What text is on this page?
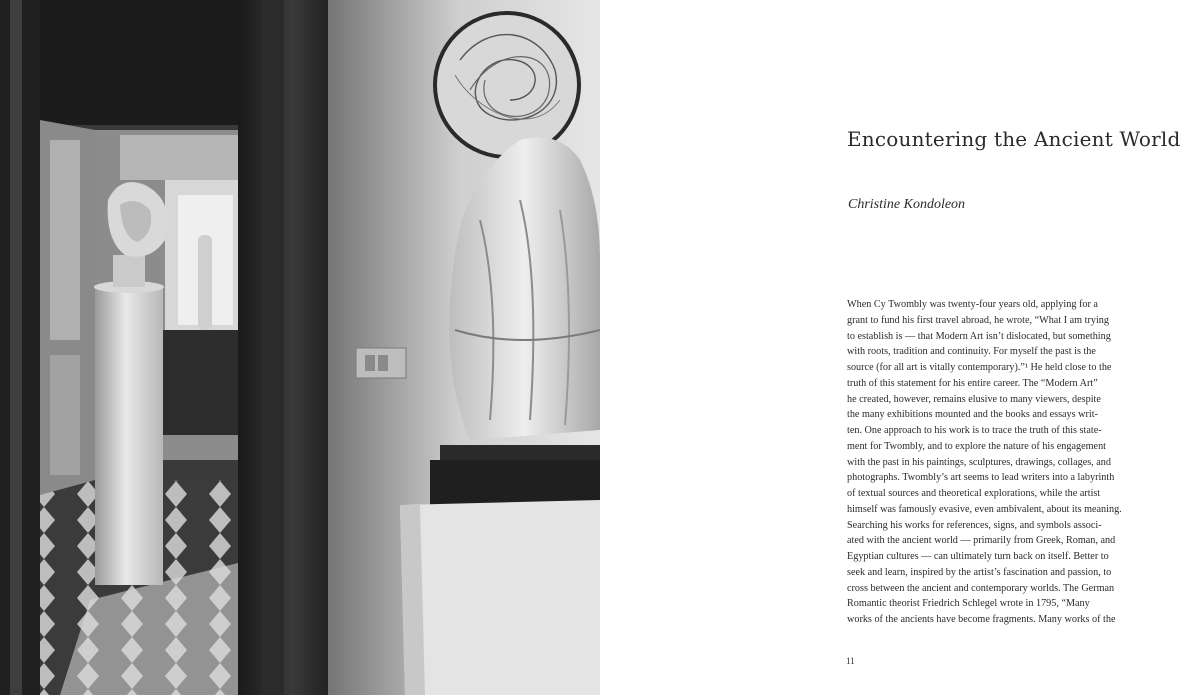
Encountering the Ancient World

Christine Kondoleon

When Cy Twombly was twenty-four years old, applying for a
grant to fund his first travel abroad, he wrote, “What I am trying
to establish is — that Modern Art isn’t dislocated, but something
with roots, tradition and continuity. For myself the past is the
source (for all art is vitally contemporary).”¹ He held close to the
truth of this statement for his entire career. The “Modern Art”
he created, however, remains elusive to many viewers, despite
the many exhibitions mounted and the books and essays writ-
ten. One approach to his work is to trace the truth of this state-
ment for Twombly, and to explore the nature of his engagement
with the past in his paintings, sculptures, drawings, collages, and
photographs. Twombly’s art seems to lead writers into a labyrinth
of textual sources and theoretical explorations, while the artist
himself was famously evasive, even ambivalent, about its meaning.
Searching his works for references, signs, and symbols associ-
ated with the ancient world — primarily from Greek, Roman, and
Egyptian cultures — can ultimately turn back on itself. Better to
seek and learn, inspired by the artist’s fascination and passion, to
cross between the ancient and contemporary worlds. The German
Romantic theorist Friedrich Schlegel wrote in 1795, “Many
works of the ancients have become fragments. Many works of the

11
